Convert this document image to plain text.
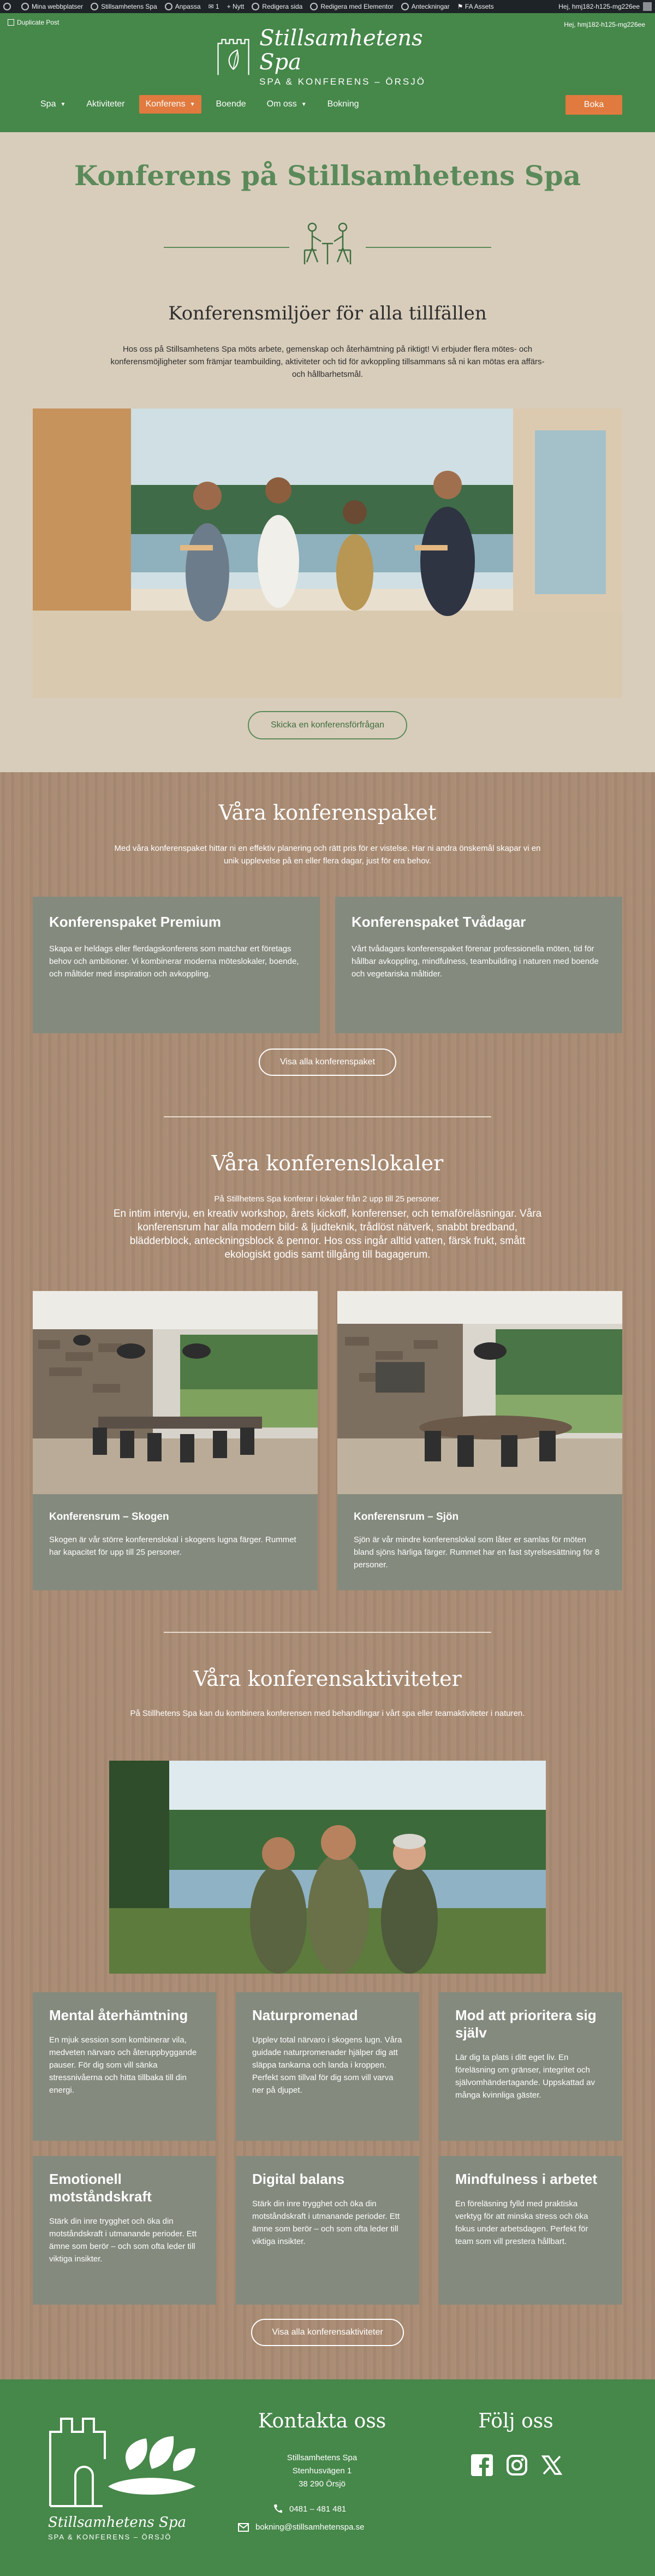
Mina webbplatser	Stillsamhetens Spa	Anpassa ✉
1 +
Nytt	Redigera sida	Redigera med Elementor	Anteckningar ⚑
FA Assets	Hej, hmj182-h125-mg226ee
Duplicate Post	Hej, hmj182-h125-mg226ee
Stillsamhetens Spa
SPA & KONFERENS – ÖRSJÖ
Spa ▼ Aktiviteter Konferens ▼ Boende Om oss ▼ Bokning	Boka
Konferens på Stillsamhetens Spa
Konferensmiljöer för alla tillfällen
Hos oss på Stillsamhetens Spa möts arbete, gemenskap och återhämtning på riktigt! Vi erbjuder flera mötes- och konferensmöjligheter som främjar teambuilding, aktiviteter och tid för avkoppling tillsammans så ni kan mötas era affärs- och hållbarhetsmål.
Skicka en konferensförfrågan
Våra konferenspaket
Med våra konferenspaket hittar ni en effektiv planering och rätt pris för er vistelse. Har ni andra önskemål skapar vi en unik upplevelse på en eller flera dagar, just för era behov.
Konferenspaket Premium

Skapa er heldags eller flerdagskonferens som matchar ert företags behov och ambitioner. Vi kombinerar moderna möteslokaler, boende, och måltider med inspiration och avkoppling.

Konferenspaket Tvådagar

Vårt tvådagars konferenspaket förenar professionella möten, tid för hållbar avkoppling, mindfulness, teambuilding i naturen med boende och vegetariska måltider.

Visa alla konferenspaket
Våra konferenslokaler
På Stillhetens Spa konferar i lokaler från 2 upp till 25 personer.
En intim intervju, en kreativ workshop, årets kickoff, konferenser, och temaföreläsningar. Våra konferensrum har alla modern bild- & ljudteknik, trådlöst nätverk, snabbt bredband, blädderblock, anteckningsblock & pennor. Hos oss ingår alltid vatten, färsk frukt, smått ekologiskt godis samt tillgång till bagagerum.
Konferensrum – Skogen

Skogen är vår större konferenslokal i skogens lugna färger. Rummet har kapacitet för upp till 25 personer.

Konferensrum – Sjön

Sjön är vår mindre konferenslokal som låter er samlas för möten bland sjöns härliga färger. Rummet har en fast styrelsesättning för 8 personer.

Våra konferensaktiviteter
På Stillhetens Spa kan du kombinera konferensen med behandlingar i vårt spa eller teamaktiviteter i naturen.
Mental återhämtning

En mjuk session som kombinerar vila, medveten närvaro och återuppbyggande pauser. För dig som vill sänka stressnivåerna och hitta tillbaka till din energi.

Naturpromenad

Upplev total närvaro i skogens lugn. Våra guidade naturpromenader hjälper dig att släppa tankarna och landa i kroppen. Perfekt som tillval för dig som vill varva ner på djupet.

Mod att prioritera sig själv

Lär dig ta plats i ditt eget liv. En föreläsning om gränser, integritet och självomhändertagande. Uppskattad av många kvinnliga gäster.

Emotionell motståndskraft

Stärk din inre trygghet och öka din motståndskraft i utmanande perioder. Ett ämne som berör – och som ofta leder till viktiga insikter.

Digital balans

Stärk din inre trygghet och öka din motståndskraft i utmanande perioder. Ett ämne som berör – och som ofta leder till viktiga insikter.

Mindfulness i arbetet

En föreläsning fylld med praktiska verktyg för att minska stress och öka fokus under arbetsdagen. Perfekt för team som vill prestera hållbart.

Visa alla konferensaktiviteter
Stillsamhetens Spa
SPA & KONFERENS – ÖRSJÖ
Kontakta oss
Stillsamhetens Spa
Stenhusvägen 1
38 290 Örsjö
0481 – 481 481
bokning@stillsamhetenspa.se
Följ oss
